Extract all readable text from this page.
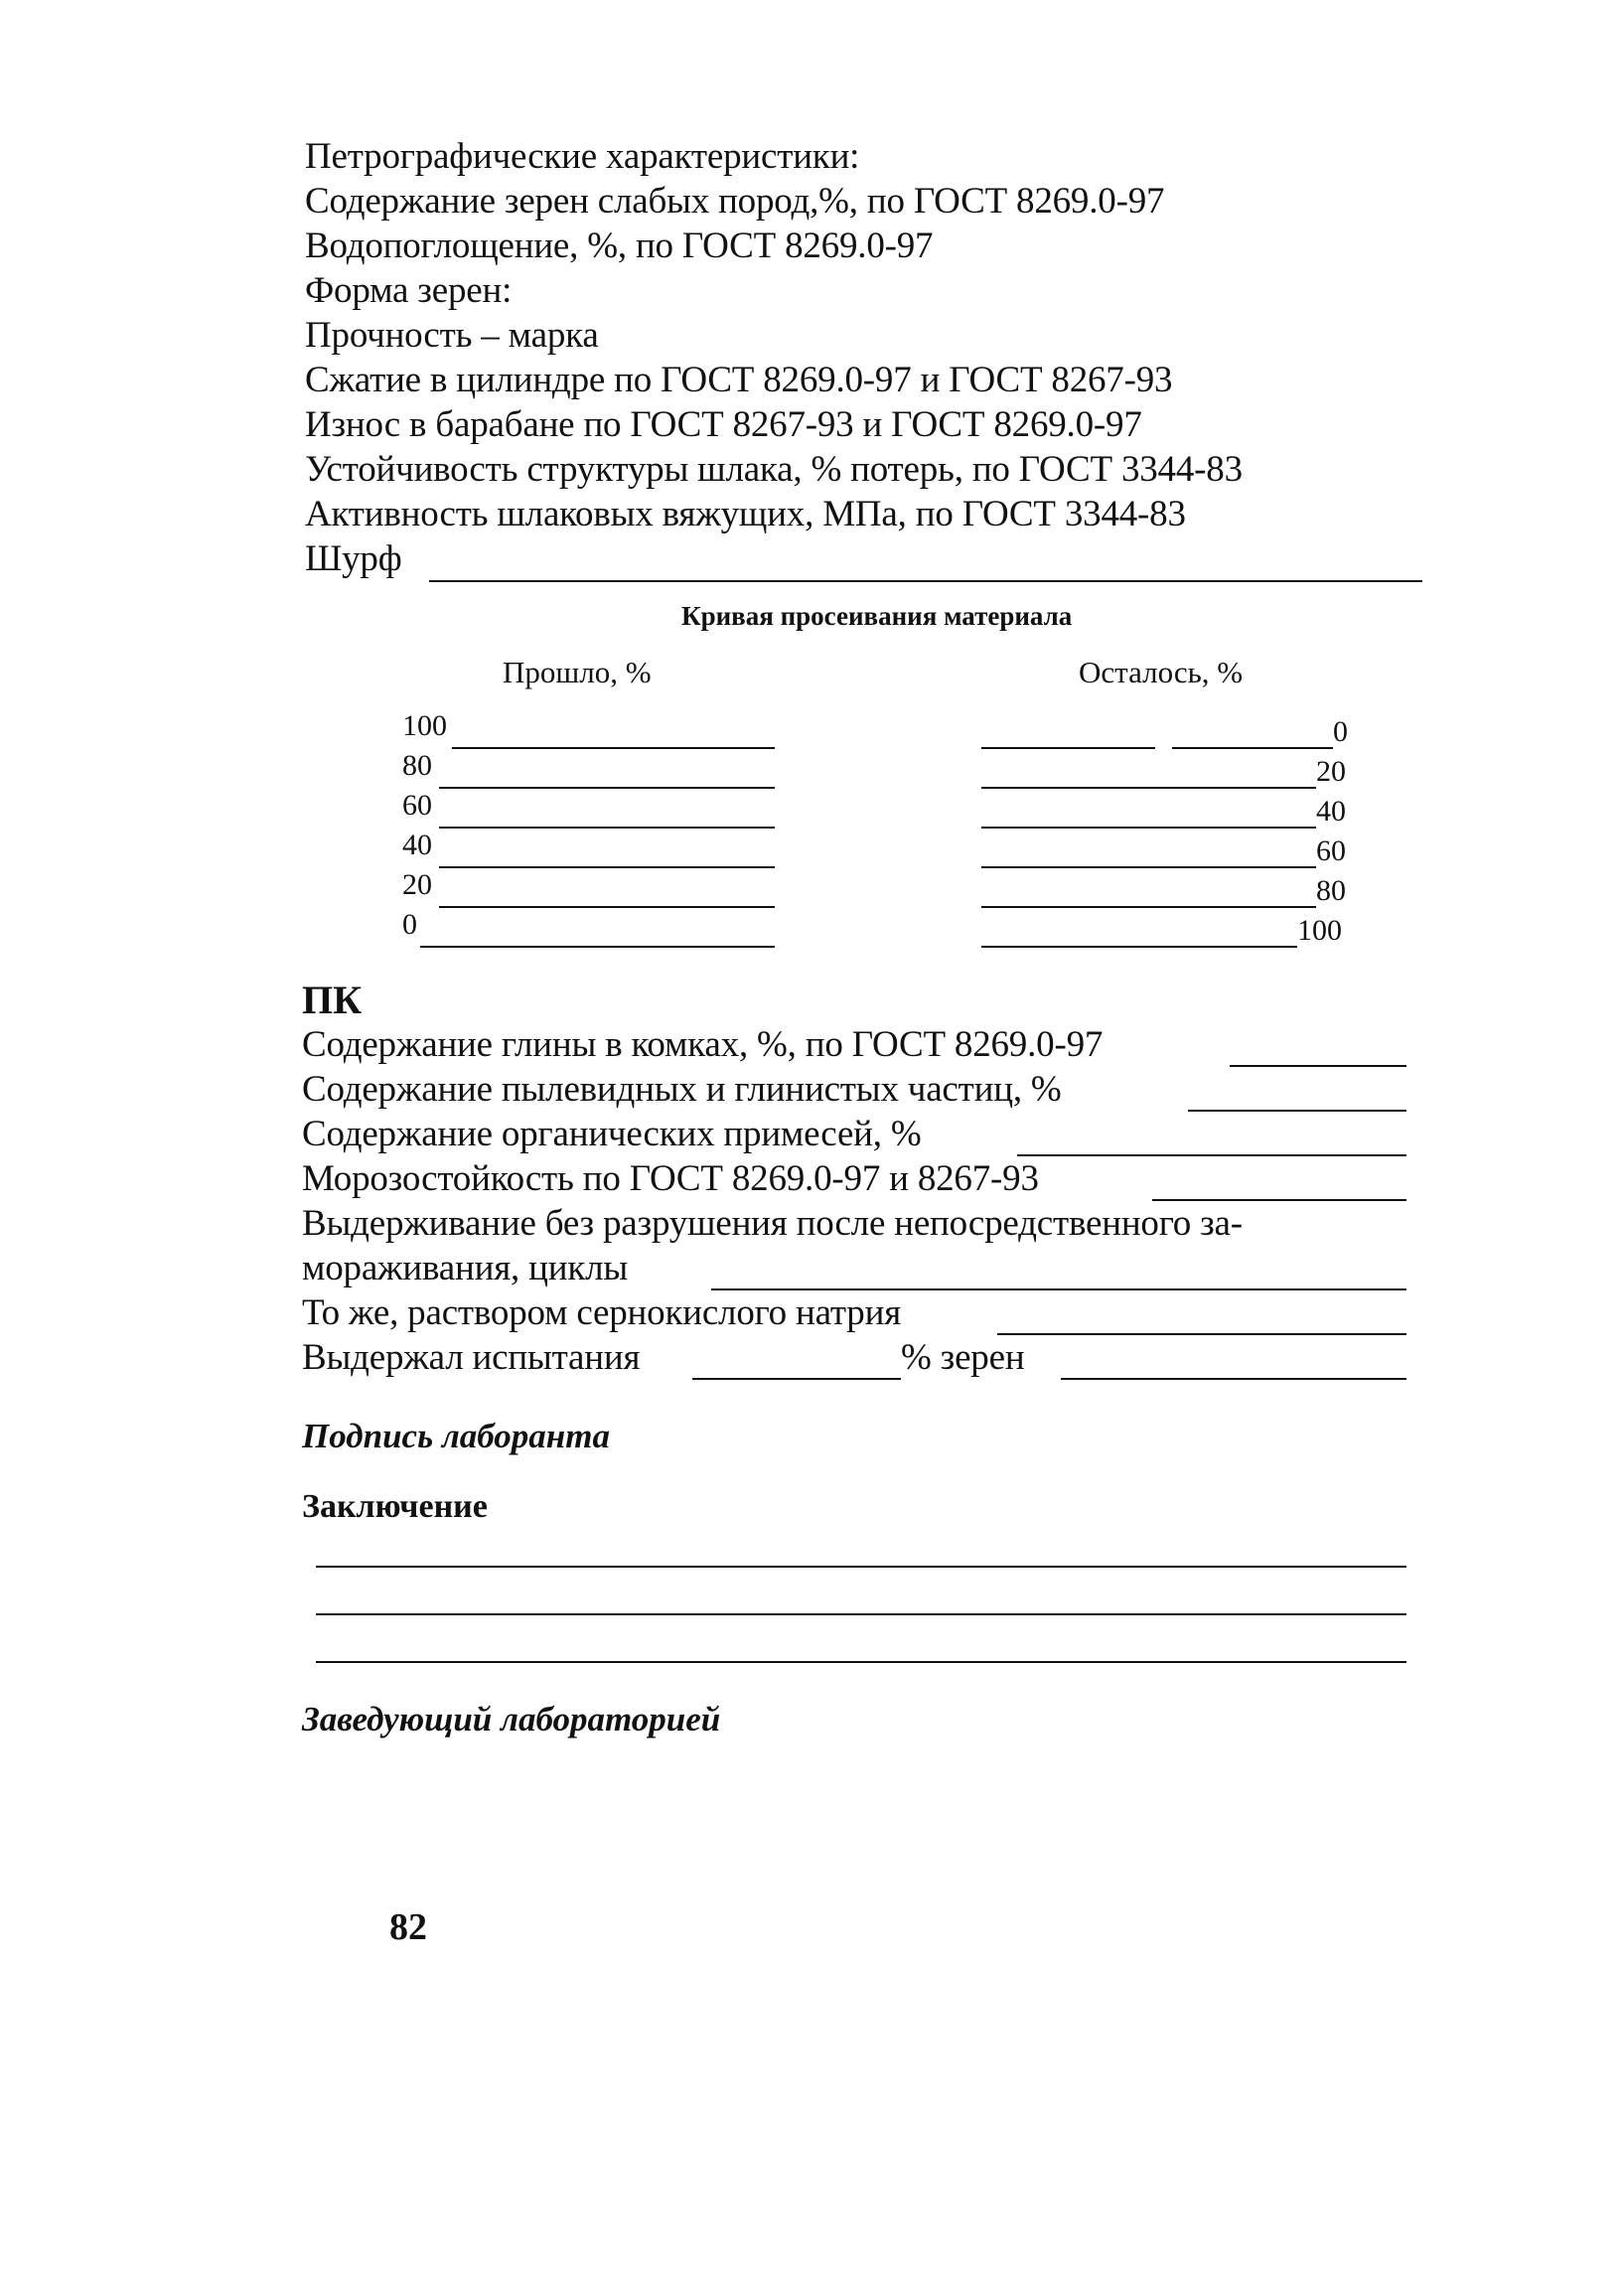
Петрографические характеристики:
Содержание зерен слабых пород,%, по ГОСТ 8269.0-97
Водопоглощение, %, по ГОСТ 8269.0-97
Форма зерен:
Прочность – марка
Сжатие в цилиндре по ГОСТ 8269.0-97 и ГОСТ 8267-93
Износ в барабане по ГОСТ 8267-93 и ГОСТ 8269.0-97
Устойчивость структуры шлака, % потерь, по ГОСТ 3344-83
Активность шлаковых вяжущих, МПа, по ГОСТ 3344-83
Шурф
Кривая просеивания материала
Прошло, %	Осталось, %
100
80
60
40
20
0
0
20
40
60
80
100
ПК
Содержание глины в комках, %, по ГОСТ 8269.0-97
Содержание пылевидных и глинистых частиц, %
Содержание органических примесей, %
Морозостойкость по ГОСТ 8269.0-97 и 8267-93
Выдерживание без разрушения после непосредственного за-
мораживания, циклы
То же, раствором сернокислого натрия
Выдержал испытания	% зерен
Подпись лаборанта
Заключение
Заведующий лабораторией
82
